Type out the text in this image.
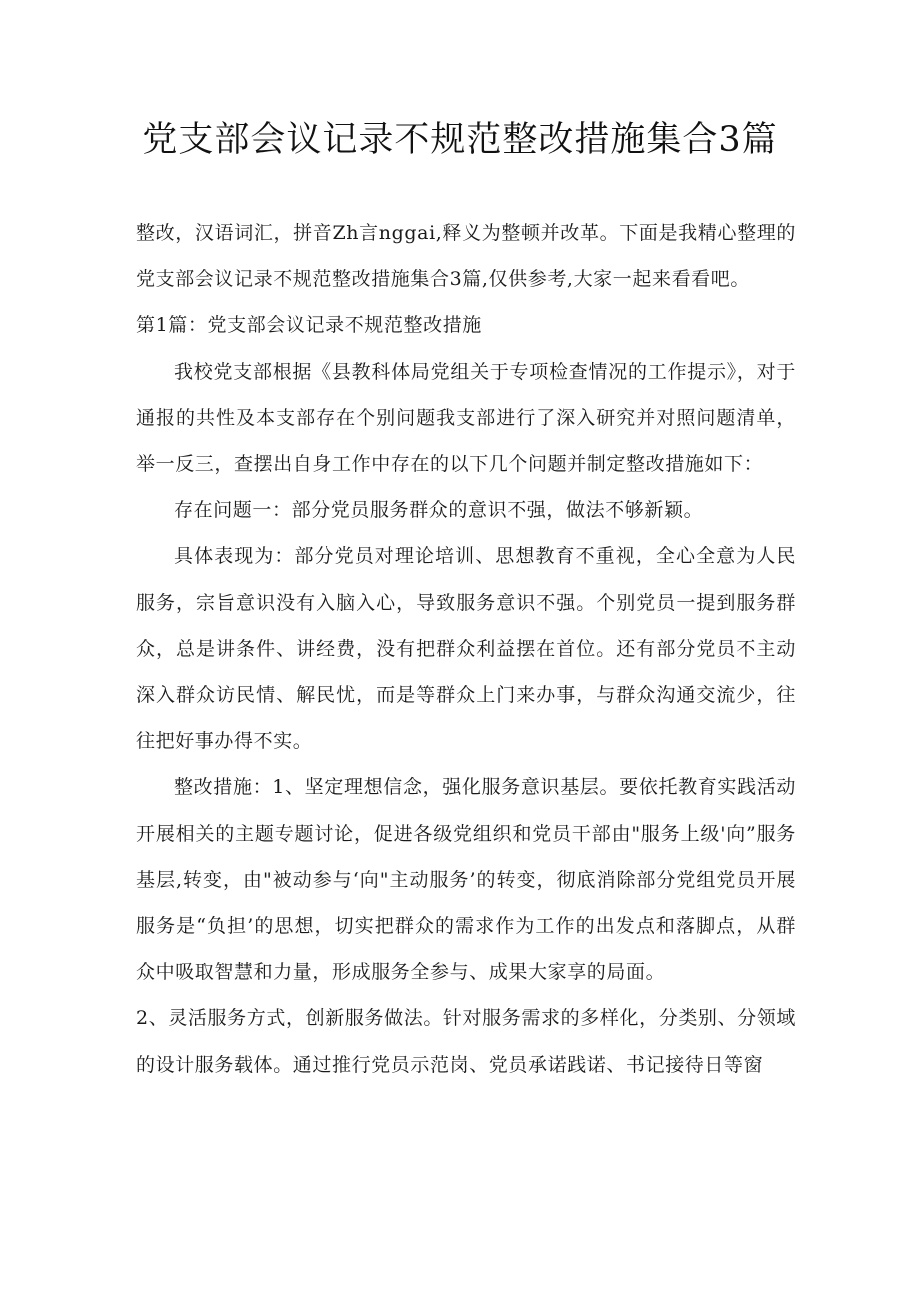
党支部会议记录不规范整改措施集合3篇

整改，汉语词汇，拼音Zh言nggai,释义为整顿并改革。下面是我精心整理的党支部会议记录不规范整改措施集合3篇,仅供参考,大家一起来看看吧。

第1篇：党支部会议记录不规范整改措施

我校党支部根据《县教科体局党组关于专项检查情况的工作提示》，对于通报的共性及本支部存在个别问题我支部进行了深入研究并对照问题清单，举一反三，查摆出自身工作中存在的以下几个问题并制定整改措施如下：

存在问题一：部分党员服务群众的意识不强，做法不够新颖。

具体表现为：部分党员对理论培训、思想教育不重视，全心全意为人民服务，宗旨意识没有入脑入心，导致服务意识不强。个别党员一提到服务群众，总是讲条件、讲经费，没有把群众利益摆在首位。还有部分党员不主动深入群众访民情、解民忧，而是等群众上门来办事，与群众沟通交流少，往往把好事办得不实。

整改措施：1、坚定理想信念，强化服务意识基层。要依托教育实践活动开展相关的主题专题讨论，促进各级党组织和党员干部由"服务上级'向”服务基层,转变，由"被动参与‘向"主动服务’的转变，彻底消除部分党组党员开展服务是“负担’的思想，切实把群众的需求作为工作的出发点和落脚点，从群众中吸取智慧和力量，形成服务全参与、成果大家享的局面。

2、灵活服务方式，创新服务做法。针对服务需求的多样化，分类别、分领域的设计服务载体。通过推行党员示范岗、党员承诺践诺、书记接待日等窗
